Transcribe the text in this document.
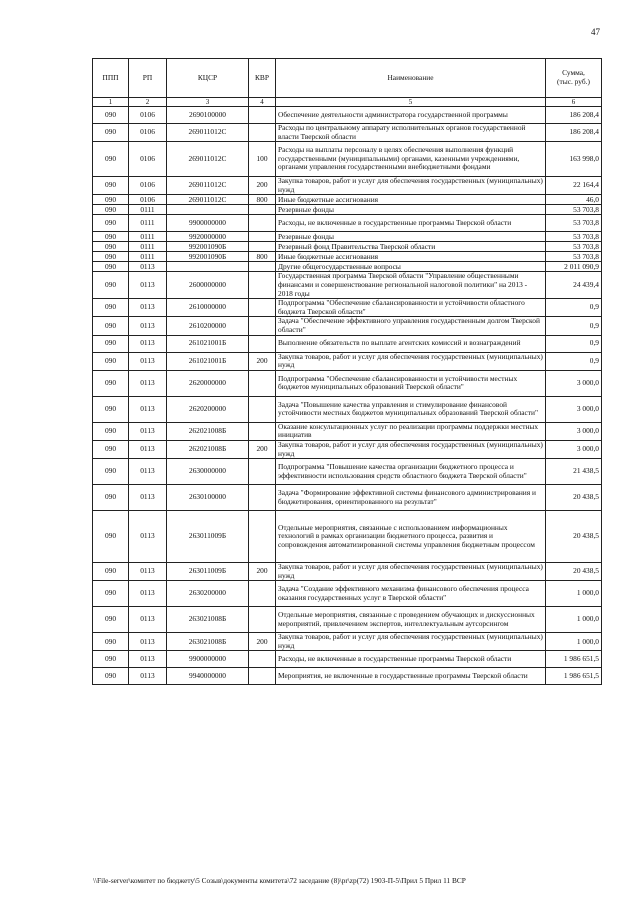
47
ППП	РП	КЦСР	КВР	Наименование	Сумма,
(тыс. руб.)
1	2	3	4	5	6
090	0106	2690100000		Обеспечение деятельности администратора государственной программы	186 208,4
090	0106	269011012С		Расходы по центральному аппарату исполнительных органов государственной власти Тверской области	186 208,4
090	0106	269011012С	100	Расходы на выплаты персоналу в целях обеспечения выполнения функций государственными (муниципальными) органами, казенными учреждениями, органами управления государственными внебюджетными фондами	163 998,0
090	0106	269011012С	200	Закупка товаров, работ и услуг для обеспечения государственных (муниципальных) нужд	22 164,4
090	0106	269011012С	800	Иные бюджетные ассигнования	46,0
090	0111			Резервные фонды	53 703,8
090	0111	9900000000		Расходы, не включенные в государственные программы Тверской области	53 703,8
090	0111	9920000000		Резервные фонды	53 703,8
090	0111	992001090Б		Резервный фонд Правительства Тверской области	53 703,8
090	0111	992001090Б	800	Иные бюджетные ассигнования	53 703,8
090	0113			Другие общегосударственные вопросы	2 011 090,9
090	0113	2600000000		Государственная программа Тверской области "Управление общественными финансами и совершенствование региональной налоговой политики" на 2013 - 2018 годы	24 439,4
090	0113	2610000000		Подпрограмма "Обеспечение сбалансированности и устойчивости областного бюджета Тверской области"	0,9
090	0113	2610200000		Задача "Обеспечение эффективного управления государственным долгом Тверской области"	0,9
090	0113	261021001Б		Выполнение обязательств по выплате агентских комиссий и вознаграждений	0,9
090	0113	261021001Б	200	Закупка товаров, работ и услуг для обеспечения государственных (муниципальных) нужд	0,9
090	0113	2620000000		Подпрограмма "Обеспечение сбалансированности и устойчивости местных бюджетов муниципальных образований Тверской области"	3 000,0
090	0113	2620200000		Задача "Повышение качества управления и стимулирование финансовой устойчивости местных бюджетов муниципальных образований Тверской области"	3 000,0
090	0113	262021008Б		Оказание консультационных услуг по реализации программы поддержки местных инициатив	3 000,0
090	0113	262021008Б	200	Закупка товаров, работ и услуг для обеспечения государственных (муниципальных) нужд	3 000,0
090	0113	2630000000		Подпрограмма "Повышение качества организации бюджетного процесса и эффективности использования средств областного бюджета Тверской области"	21 438,5
090	0113	2630100000		Задача "Формирование эффективной системы финансового администрирования и бюджетирования, ориентированного на результат"	20 438,5
090	0113	263011009Б		Отдельные мероприятия, связанные с использованием информационных технологий в рамках организации бюджетного процесса, развития и сопровождения автоматизированной системы управления бюджетным процессом	20 438,5
090	0113	263011009Б	200	Закупка товаров, работ и услуг для обеспечения государственных (муниципальных) нужд	20 438,5
090	0113	2630200000		Задача "Создание эффективного механизма финансового обеспечения процесса оказания государственных услуг в Тверской области"	1 000,0
090	0113	263021008Б		Отдельные мероприятия, связанные с проведением обучающих и дискуссионных мероприятий, привлечением экспертов, интеллектуальным аутсорсингом	1 000,0
090	0113	263021008Б	200	Закупка товаров, работ и услуг для обеспечения государственных (муниципальных) нужд	1 000,0
090	0113	9900000000		Расходы, не включенные в государственные программы Тверской области	1 986 651,5
090	0113	9940000000		Мероприятия, не включенные в государственные программы Тверской области	1 986 651,5
\\File-server\комитет по бюджету\5 Созыв\документы комитета\72 заседание (8)\pr\zp(72) 1903-П-5\Прил 5 Прил 11 ВСР
